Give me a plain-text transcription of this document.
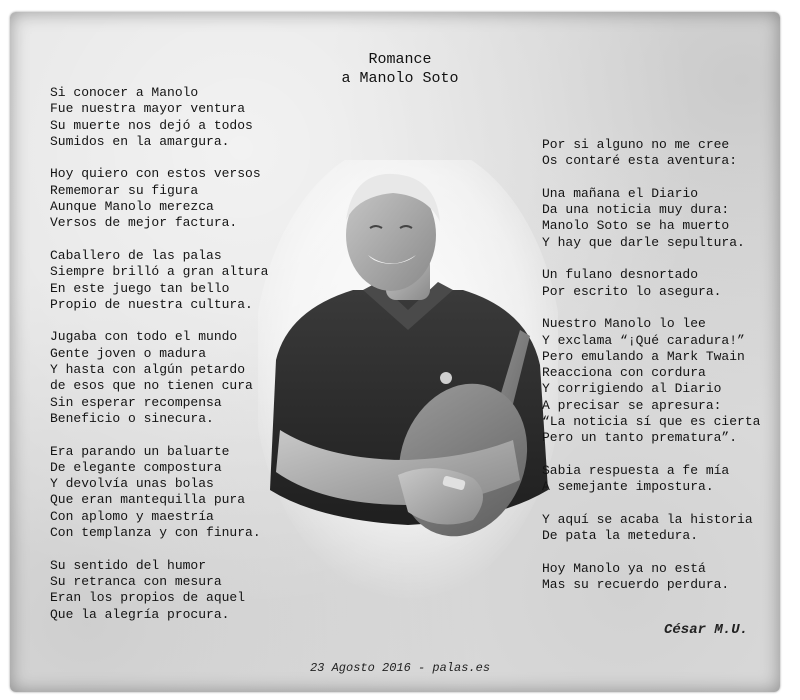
Romance
a Manolo Soto
Si conocer a Manolo
Fue nuestra mayor ventura
Su muerte nos dejó a todos
Sumidos en la amargura.
Hoy quiero con estos versos
Rememorar su figura
Aunque Manolo merezca
Versos de mejor factura.
Caballero de las palas
Siempre brilló a gran altura
En este juego tan bello
Propio de nuestra cultura.
Jugaba con todo el mundo
Gente joven o madura
Y hasta con algún petardo
de esos que no tienen cura
Sin esperar recompensa
Beneficio o sinecura.
Era parando un baluarte
De elegante compostura
Y devolvía unas bolas
Que eran mantequilla pura
Con aplomo y maestría
Con templanza y con finura.
Su sentido del humor
Su retranca con mesura
Eran los propios de aquel
Que la alegría procura.
Por si alguno no me cree
Os contaré esta aventura:
Una mañana el Diario
Da una noticia muy dura:
Manolo Soto se ha muerto
Y hay que darle sepultura.
Un fulano desnortado
Por escrito lo asegura.
Nuestro Manolo lo lee
Y exclama “¡Qué caradura!”
Pero emulando a Mark Twain
Reacciona con cordura
Y corrigiendo al Diario
A precisar se apresura:
“La noticia sí que es cierta
Pero un tanto prematura”.
Sabia respuesta a fe mía
A semejante impostura.
Y aquí se acaba la historia
De pata la metedura.
Hoy Manolo ya no está
Mas su recuerdo perdura.
César M.U.
23 Agosto 2016 - palas.es
